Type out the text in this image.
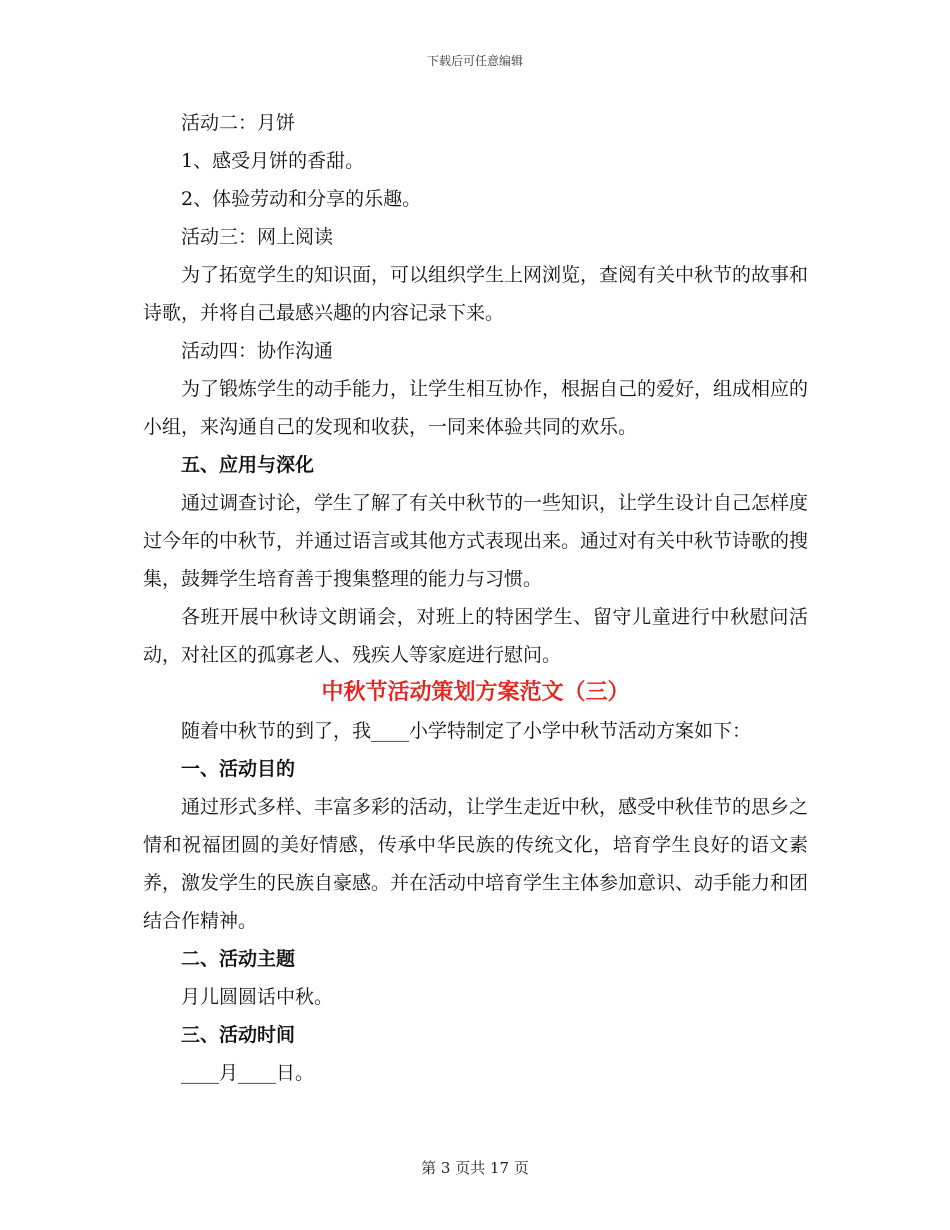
下载后可任意编辑

活动二：月饼

1、感受月饼的香甜。

2、体验劳动和分享的乐趣。

活动三：网上阅读

为了拓宽学生的知识面，可以组织学生上网浏览，查阅有关中秋节的故事和诗歌，并将自己最感兴趣的内容记录下来。

活动四：协作沟通

为了锻炼学生的动手能力，让学生相互协作，根据自己的爱好，组成相应的小组，来沟通自己的发现和收获，一同来体验共同的欢乐。

五、应用与深化

通过调查讨论，学生了解了有关中秋节的一些知识，让学生设计自己怎样度过今年的中秋节，并通过语言或其他方式表现出来。通过对有关中秋节诗歌的搜集，鼓舞学生培育善于搜集整理的能力与习惯。

各班开展中秋诗文朗诵会，对班上的特困学生、留守儿童进行中秋慰问活动，对社区的孤寡老人、残疾人等家庭进行慰问。

中秋节活动策划方案范文（三）

随着中秋节的到了，我____小学特制定了小学中秋节活动方案如下：

一、活动目的

通过形式多样、丰富多彩的活动，让学生走近中秋，感受中秋佳节的思乡之情和祝福团圆的美好情感，传承中华民族的传统文化，培育学生良好的语文素养，激发学生的民族自豪感。并在活动中培育学生主体参加意识、动手能力和团结合作精神。

二、活动主题

月儿圆圆话中秋。

三、活动时间

____月____日。

第 3 页共 17 页
